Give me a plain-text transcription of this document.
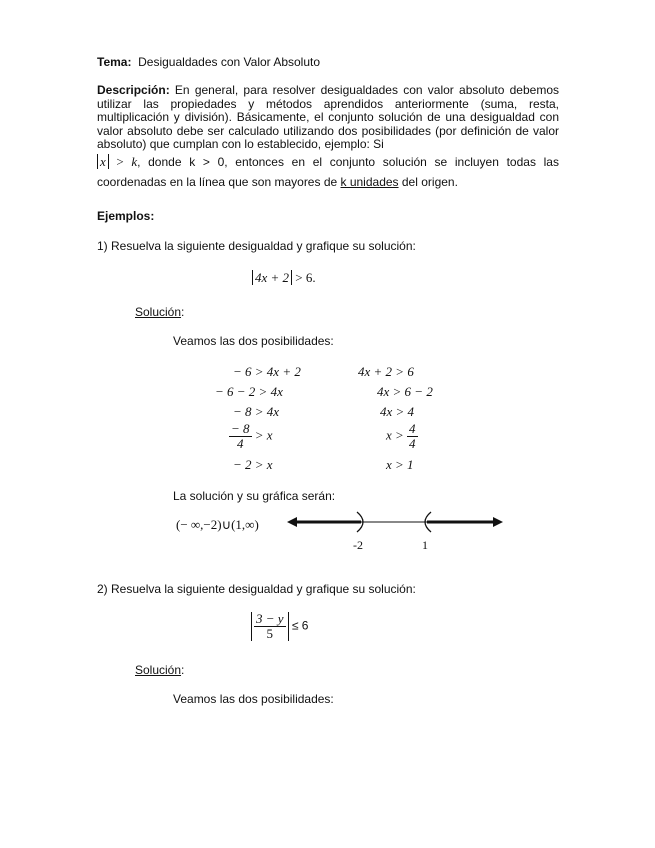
Tema: Desigualdades con Valor Absoluto
Descripción: En general, para resolver desigualdades con valor absoluto debemos utilizar las propiedades y métodos aprendidos anteriormente (suma, resta, multiplicación y división). Básicamente, el conjunto solución de una desigualdad con valor absoluto debe ser calculado utilizando dos posibilidades (por definición de valor absoluto) que cumplan con lo establecido, ejemplo: Si
x > k, donde k > 0, entonces en el conjunto solución se incluyen todas las coordenadas en la línea que son mayores de k unidades del origen.
Ejemplos:
1) Resuelva la siguiente desigualdad y grafique su solución:
4x + 2 > 6.
Solución:
Veamos las dos posibilidades:
− 6 > 4x + 2
− 6 − 2 > 4x
− 8 > 4x
$\frac{- 8}{4} > x$
− 2 > x
4x + 2 > 6
4x > 6 − 2
4x > 4
$x > \frac{4}{4}$
x > 1
La solución y su gráfica serán:
(− ∞,−2)∪(1,∞)
-2	1
2) Resuelva la siguiente desigualdad y grafique su solución:
$\frac{3 - y}{5} \le 6$
Solución:
Veamos las dos posibilidades:
